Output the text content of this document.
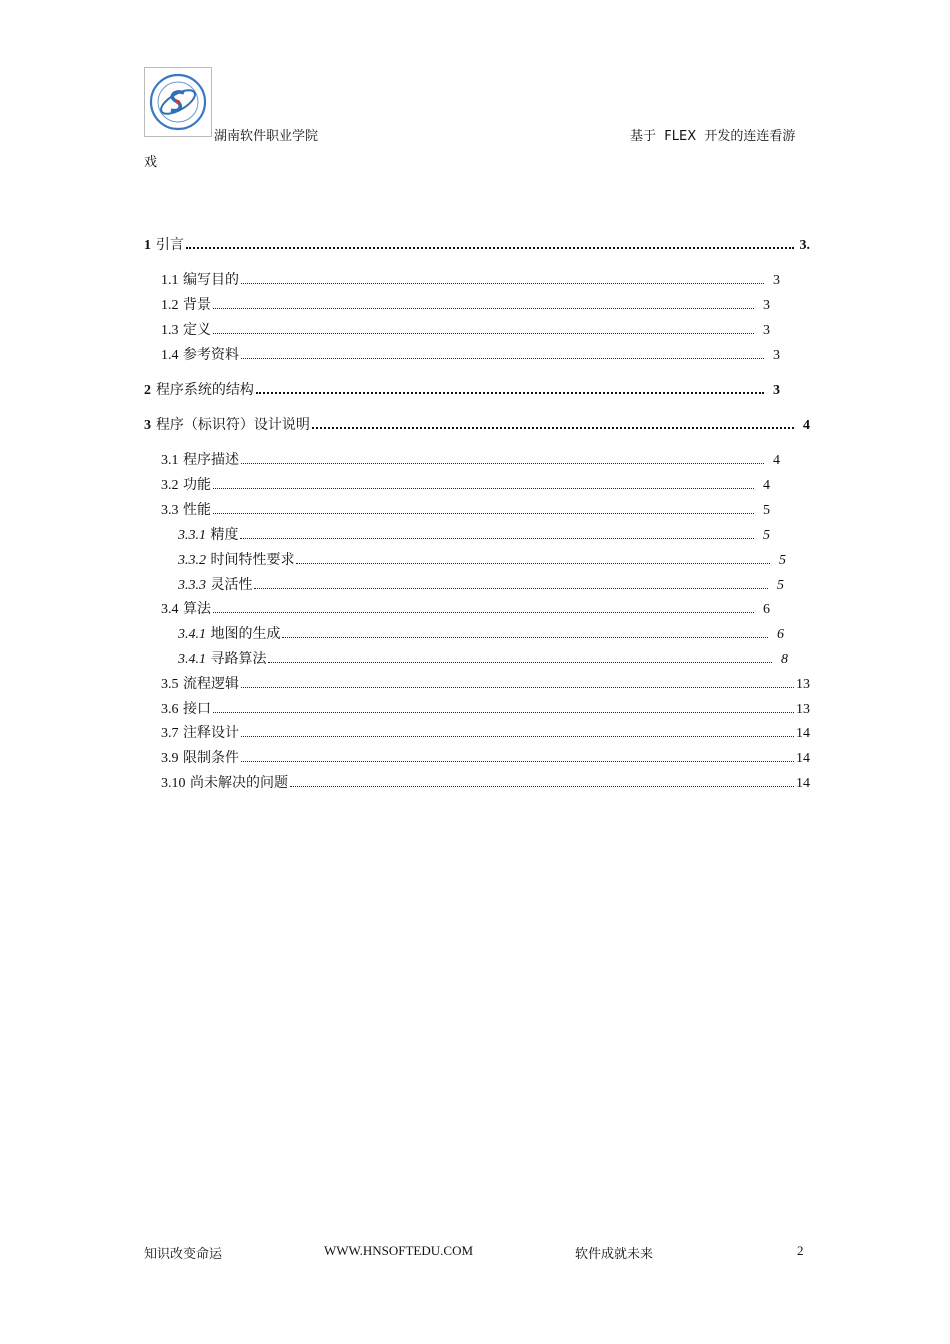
湖南软件职业学院	基于  FLEX  开发的连连看游
戏
1 引言	3.
1.1 编写目的	3
1.2 背景	3
1.3 定义	3
1.4 参考资料	3
2 程序系统的结构	3
3 程序（标识符）设计说明	4
3.1 程序描述	4
3.2 功能	4
3.3 性能	5
3.3.1 精度	5
3.3.2 时间特性要求	5
3.3.3 灵活性	5
3.4 算法	6
3.4.1 地图的生成	6
3.4.1 寻路算法	8
3.5 流程逻辑	13
3.6 接口	13
3.7 注释设计	14
3.9 限制条件	14
3.10 尚未解决的问题	14
知识改变命运	WWW.HNSOFTEDU.COM	软件成就未来	2
